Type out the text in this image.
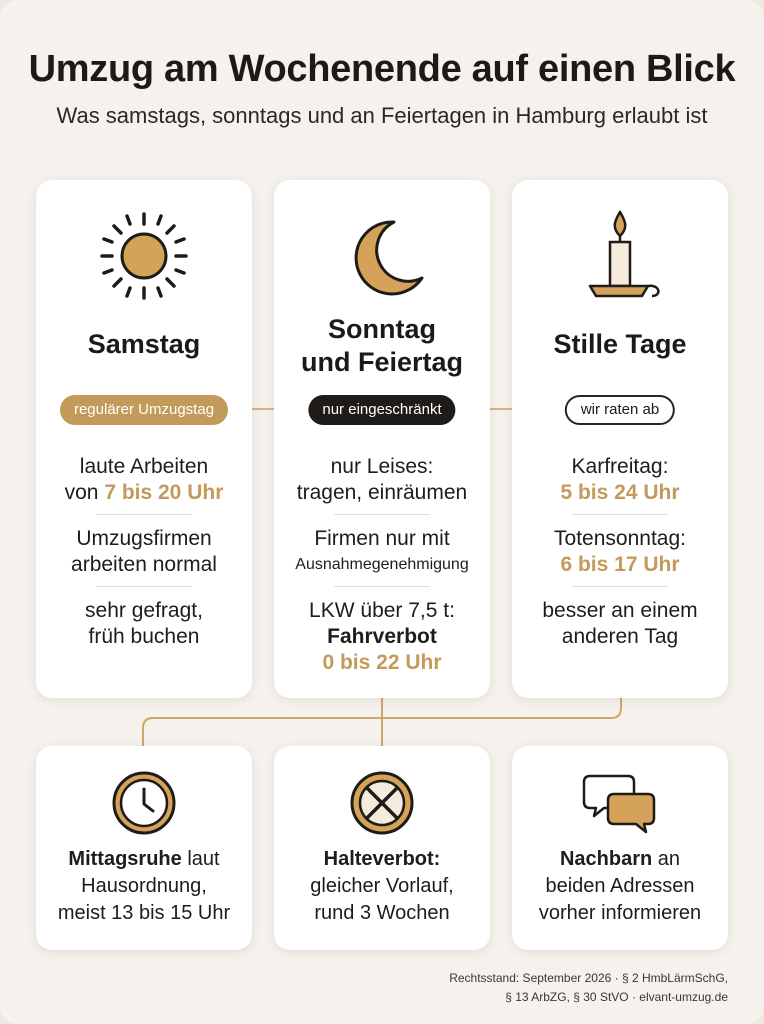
Umzug am Wochenende auf einen Blick
Was samstags, sonntags und an Feiertagen in Hamburg erlaubt ist
Samstag
regulärer Umzugstag
laute Arbeiten
von 7 bis 20 Uhr
Umzugsfirmen
arbeiten normal
sehr gefragt,
früh buchen
Sonntag
und Feiertag
nur eingeschränkt
nur Leises:
tragen, einräumen
Firmen nur mit
Ausnahmegenehmigung
LKW über 7,5 t:
Fahrverbot
0 bis 22 Uhr
Stille Tage
wir raten ab
Karfreitag:
5 bis 24 Uhr
Totensonntag:
6 bis 17 Uhr
besser an einem
anderen Tag
Mittagsruhe laut
Hausordnung,
meist 13 bis 15 Uhr
Halteverbot:
gleicher Vorlauf,
rund 3 Wochen
Nachbarn an
beiden Adressen
vorher informieren
Rechtsstand: September 2026 · § 2 HmbLärmSchG,
§ 13 ArbZG, § 30 StVO · elvant-umzug.de
